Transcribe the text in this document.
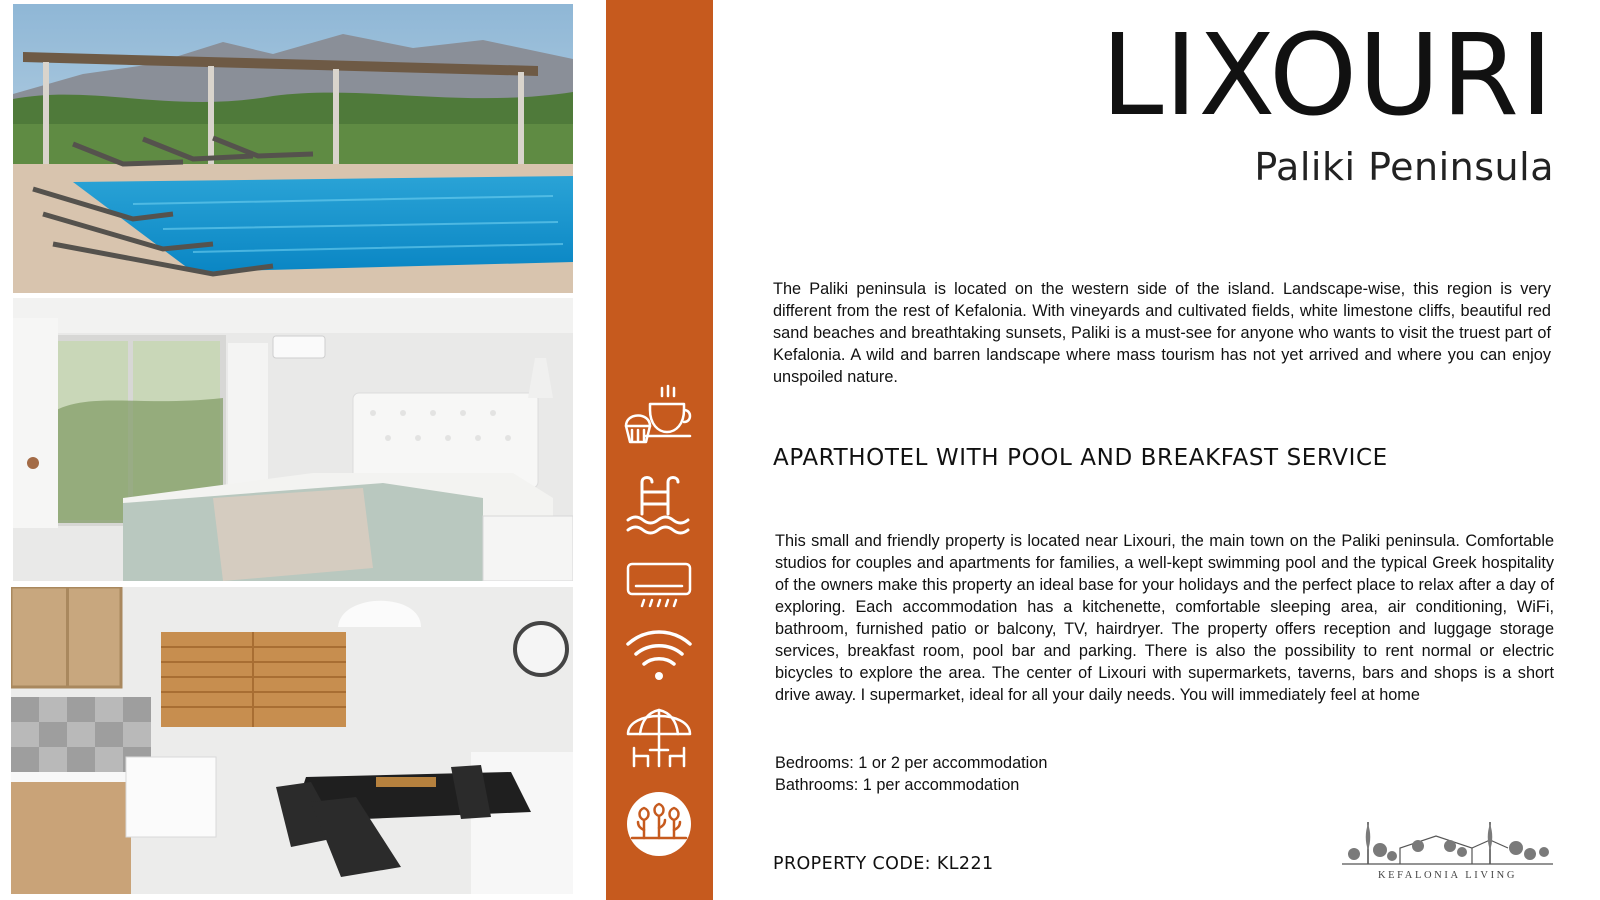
LIXOURI
Paliki Peninsula

The Paliki peninsula is located on the western side of the island. Landscape-wise, this region is very different from the rest of Kefalonia. With vineyards and cultivated fields, white limestone cliffs, beautiful red sand beaches and breathtaking sunsets, Paliki is a must-see for anyone who wants to visit the truest part of Kefalonia. A wild and barren landscape where mass tourism has not yet arrived and where you can enjoy unspoiled nature.

APARTHOTEL WITH POOL AND BREAKFAST SERVICE

This small and friendly property is located near Lixouri, the main town on the Paliki peninsula. Comfortable studios for couples and apartments for families, a well-kept swimming pool and the typical Greek hospitality of the owners make this property an ideal base for your holidays and the perfect place to relax after a day of exploring. Each accommodation has a kitchenette, comfortable sleeping area, air conditioning, WiFi, bathroom, furnished patio or balcony, TV, hairdryer. The property offers reception and luggage storage services, breakfast room, pool bar and parking. There is also the possibility to rent normal or electric bicycles to explore the area. The center of Lixouri with supermarkets, taverns, bars and shops is a short drive away. I supermarket, ideal for all your daily needs. You will immediately feel at home

Bedrooms: 1 or 2 per accommodation
Bathrooms: 1 per accommodation

PROPERTY CODE: KL221

KEFALONIA LIVING
